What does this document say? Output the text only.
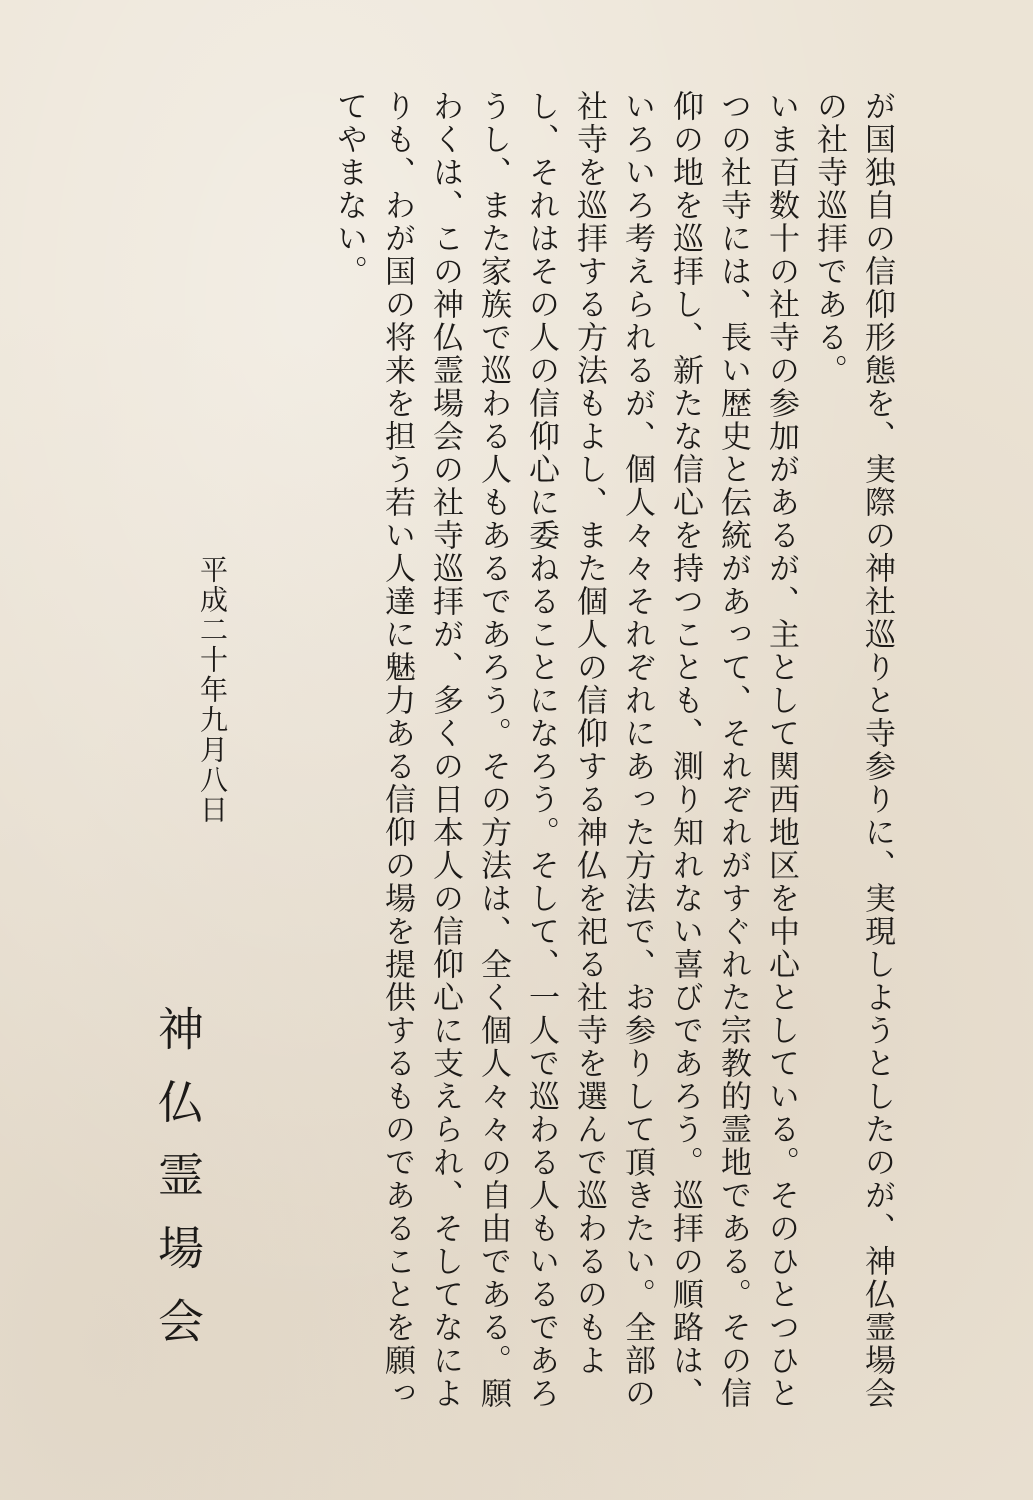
が国独自の信仰形態を、実際の神社巡りと寺参りに、実現しようとしたのが、神仏霊場会の社寺巡拝である。

いま百数十の社寺の参加があるが、主として関西地区を中心としている。そのひとつひとつの社寺には、長い歴史と伝統があって、それぞれがすぐれた宗教的霊地である。その信仰の地を巡拝し、新たな信心を持つことも、測り知れない喜びであろう。巡拝の順路は、いろいろ考えられるが、個人々々それぞれにあった方法で、お参りして頂きたい。全部の社寺を巡拝する方法もよし、また個人の信仰する神仏を祀る社寺を選んで巡わるのもよし、それはその人の信仰心に委ねることになろう。そして、一人で巡わる人もいるであろうし、また家族で巡わる人もあるであろう。その方法は、全く個人々々の自由である。願わくは、この神仏霊場会の社寺巡拝が、多くの日本人の信仰心に支えられ、そしてなによりも、わが国の将来を担う若い人達に魅力ある信仰の場を提供するものであることを願ってやまない。

平成二十年九月八日
神仏霊場会
